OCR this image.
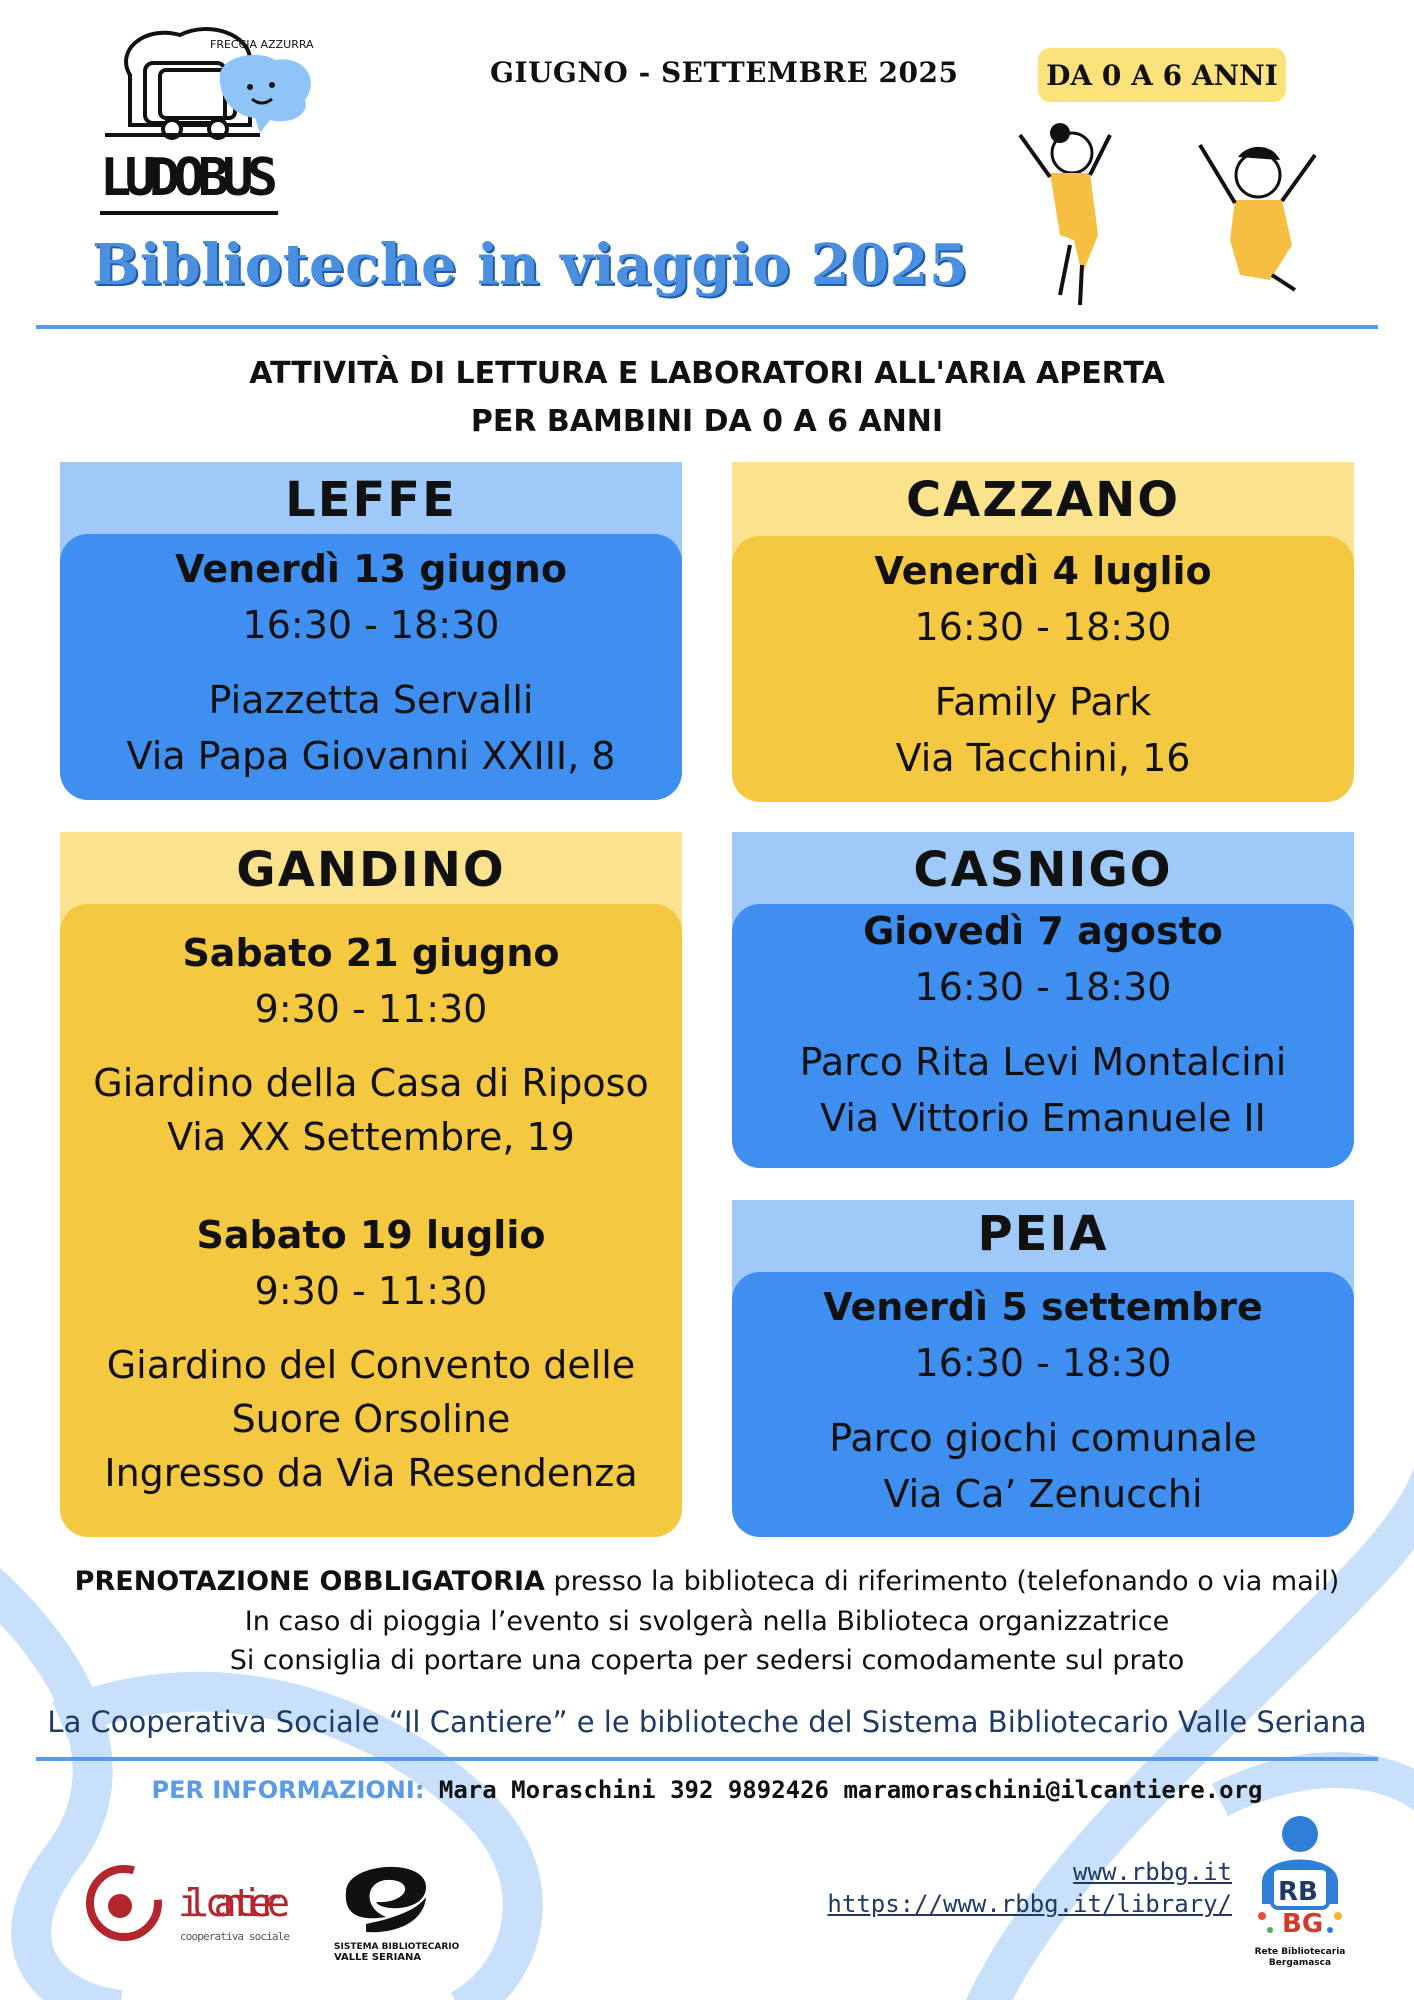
FRECCIA AZZURRA
LUDOBUS
GIUGNO - SETTEMBRE 2025	DA 0 A 6 ANNI
Biblioteche in viaggio 2025
ATTIVITÀ DI LETTURA E LABORATORI ALL'ARIA APERTA
PER BAMBINI DA 0 A 6 ANNI
LEFFE
Venerdì 13 giugno
16:30 - 18:30
Piazzetta Servalli
Via Papa Giovanni XXIII, 8
CAZZANO
Venerdì 4 luglio
16:30 - 18:30
Family Park
Via Tacchini, 16
GANDINO
Sabato 21 giugno
9:30 - 11:30
Giardino della Casa di Riposo
Via XX Settembre, 19
Sabato 19 luglio
9:30 - 11:30
Giardino del Convento delle
Suore Orsoline
Ingresso da Via Resendenza
CASNIGO
Giovedì 7 agosto
16:30 - 18:30
Parco Rita Levi Montalcini
Via Vittorio Emanuele II
PEIA
Venerdì 5 settembre
16:30 - 18:30
Parco giochi comunale
Via Ca’ Zenucchi
PRENOTAZIONE OBBLIGATORIA presso la biblioteca di riferimento (telefonando o via mail)
In caso di pioggia l’evento si svolgerà nella Biblioteca organizzatrice
Si consiglia di portare una coperta per sedersi comodamente sul prato
La Cooperativa Sociale “Il Cantiere” e le biblioteche del Sistema Bibliotecario Valle Seriana
PER INFORMAZIONI: Mara Moraschini 392 9892426 maramoraschini@ilcantiere.org
il cantiere
cooperativa sociale
SISTEMA BIBLIOTECARIO
VALLE SERIANA
www.rbbg.it
https://www.rbbg.it/library/ RB
BG
Rete Bibliotecaria
Bergamasca
